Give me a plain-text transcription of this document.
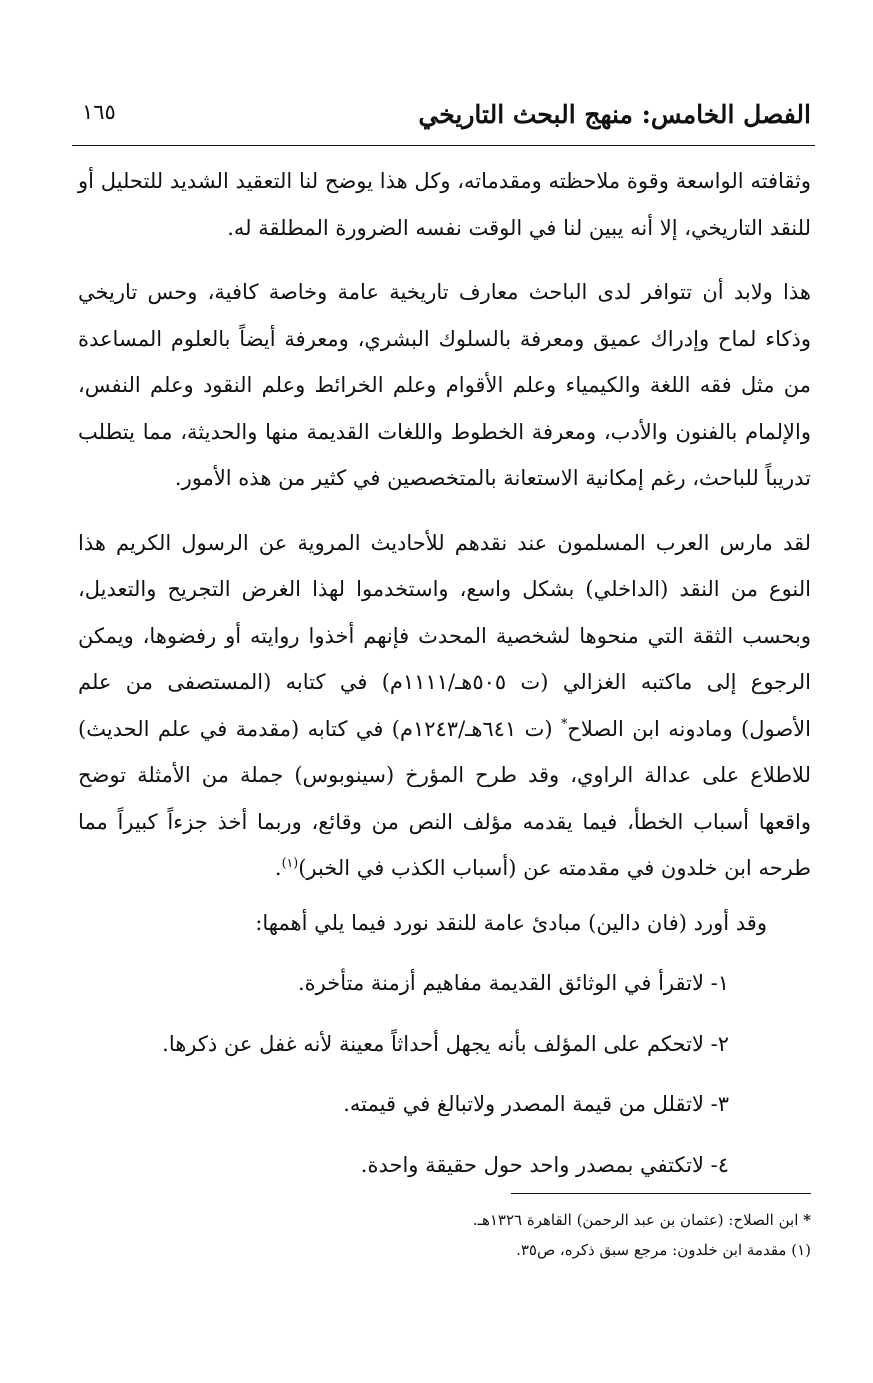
الفصل الخامس: منهج البحث التاريخي
١٦٥

وثقافته الواسعة وقوة ملاحظته ومقدماته، وكل هذا يوضح لنا التعقيد الشديد للتحليل أو للنقد التاريخي، إلا أنه يبين لنا في الوقت نفسه الضرورة المطلقة له.

هذا ولابد أن تتوافر لدى الباحث معارف تاريخية عامة وخاصة كافية، وحس تاريخي وذكاء لماح وإدراك عميق ومعرفة بالسلوك البشري، ومعرفة أيضاً بالعلوم المساعدة من مثل فقه اللغة والكيمياء وعلم الأقوام وعلم الخرائط وعلم النقود وعلم النفس، والإلمام بالفنون والأدب، ومعرفة الخطوط واللغات القديمة منها والحديثة، مما يتطلب تدريباً للباحث، رغم إمكانية الاستعانة بالمتخصصين في كثير من هذه الأمور.

لقد مارس العرب المسلمون عند نقدهم للأحاديث المروية عن الرسول الكريم هذا النوع من النقد (الداخلي) بشكل واسع، واستخدموا لهذا الغرض التجريح والتعديل، وبحسب الثقة التي منحوها لشخصية المحدث فإنهم أخذوا روايته أو رفضوها، ويمكن الرجوع إلى ماكتبه الغزالي (ت ٥٠٥هـ/١١١١م) في كتابه (المستصفى من علم الأصول) ومادونه ابن الصلاح* (ت ٦٤١هـ/١٢٤٣م) في كتابه (مقدمة في علم الحديث) للاطلاع على عدالة الراوي، وقد طرح المؤرخ (سينوبوس) جملة من الأمثلة توضح واقعها أسباب الخطأ، فيما يقدمه مؤلف النص من وقائع، وربما أخذ جزءاً كبيراً مما طرحه ابن خلدون في مقدمته عن (أسباب الكذب في الخبر)$^{(١)}$.

وقد أورد (فان دالين) مبادئ عامة للنقد نورد فيما يلي أهمها:

١- لاتقرأ في الوثائق القديمة مفاهيم أزمنة متأخرة.

٢- لاتحكم على المؤلف بأنه يجهل أحداثاً معينة لأنه غفل عن ذكرها.

٣- لاتقلل من قيمة المصدر ولاتبالغ في قيمته.

٤- لاتكتفي بمصدر واحد حول حقيقة واحدة.

* ابن الصلاح: (عثمان بن عبد الرحمن) القاهرة ١٣٢٦هـ.

(١) مقدمة ابن خلدون: مرجع سبق ذكره، ص٣٥.
